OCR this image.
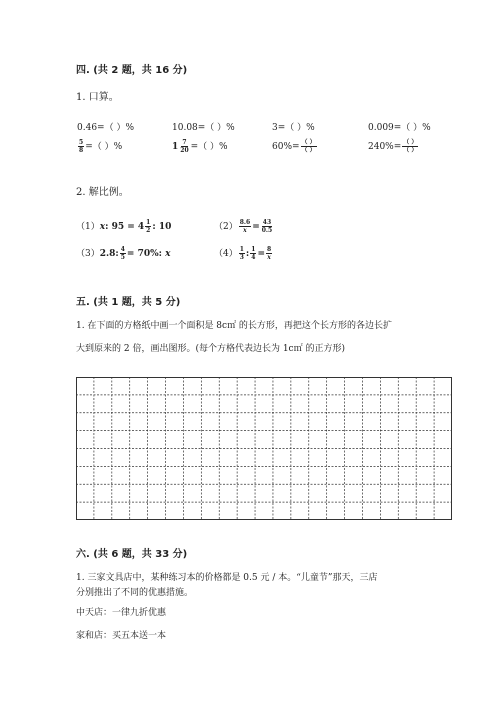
四. (共 2 题，共 16 分)
1. 口算。
0.46=（ ）%	10.08=（ ）%	3=（ ）%	0.009=（ ）%
$\frac{5}{8}$ =（ ）%	$1 \frac{7}{20}$ =（ ）%	$60\%= \frac{( )}{( )}$	$240\%= \frac{( )}{( )}$
2. 解比例。
（1）x: $95 = 4 \frac{1}{2}$ : 10	$(2) \frac{8.6}{x} = \frac{43}{0.5}$
（3）2.8: $\frac{4}{5} = 70\%$: x	$(4) \frac{1}{3}$ : $\frac{1}{4} = \frac{8}{x}$
五. (共 1 题，共 5 分)
1. 在下面的方格纸中画一个面积是 8c㎡ 的长方形，再把这个长方形的各边长扩
大到原来的 2 倍，画出图形。(每个方格代表边长为 1c㎡ 的正方形)
六. (共 6 题，共 33 分)
1. 三家文具店中，某种练习本的价格都是 0.5 元 / 本。“儿童节”那天，三店
分别推出了不同的优惠措施。
中天店：一律九折优惠
家和店：买五本送一本
